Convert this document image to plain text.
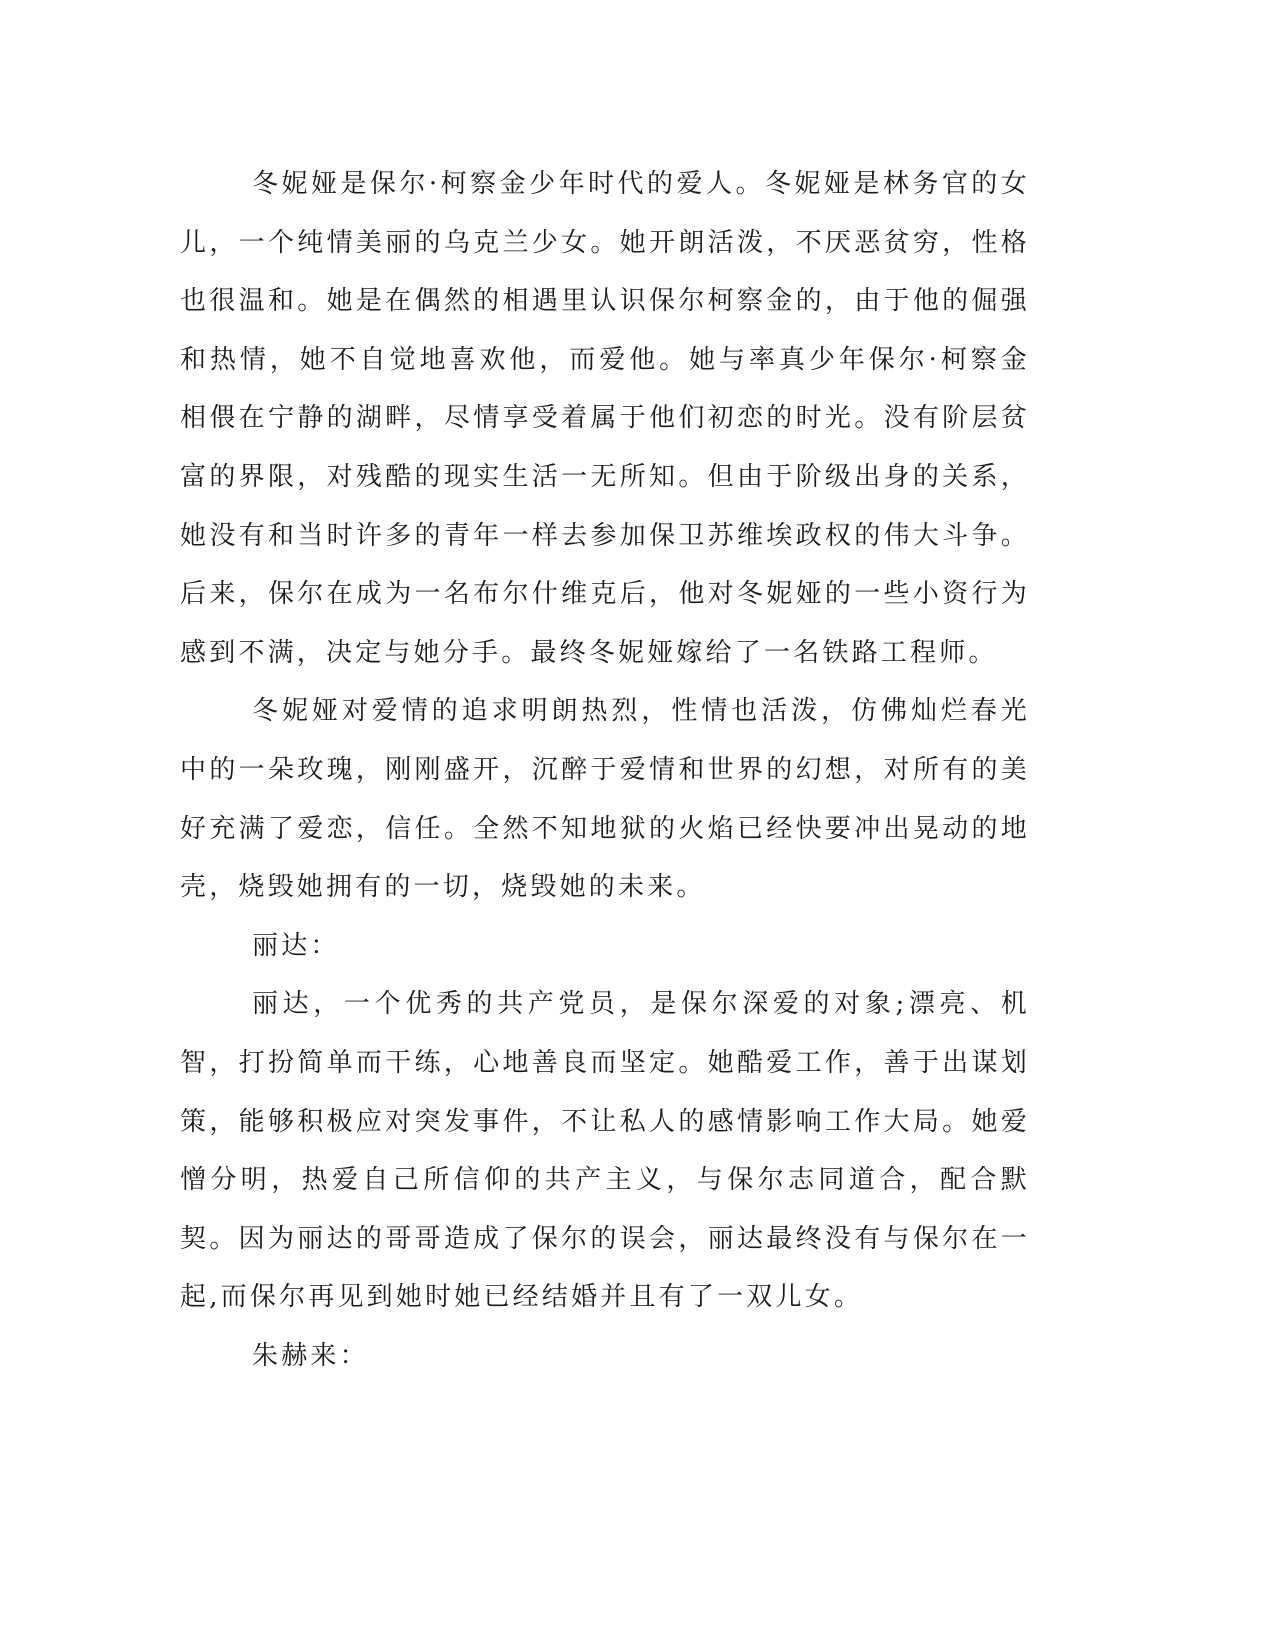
冬妮娅是保尔·柯察金少年时代的爱人。冬妮娅是林务官的女儿，一个纯情美丽的乌克兰少女。她开朗活泼，不厌恶贫穷，性格也很温和。她是在偶然的相遇里认识保尔柯察金的，由于他的倔强和热情，她不自觉地喜欢他，而爱他。她与率真少年保尔·柯察金相偎在宁静的湖畔，尽情享受着属于他们初恋的时光。没有阶层贫富的界限，对残酷的现实生活一无所知。但由于阶级出身的关系，她没有和当时许多的青年一样去参加保卫苏维埃政权的伟大斗争。后来，保尔在成为一名布尔什维克后，他对冬妮娅的一些小资行为感到不满，决定与她分手。最终冬妮娅嫁给了一名铁路工程师。

冬妮娅对爱情的追求明朗热烈，性情也活泼，仿佛灿烂春光中的一朵玫瑰，刚刚盛开，沉醉于爱情和世界的幻想，对所有的美好充满了爱恋，信任。全然不知地狱的火焰已经快要冲出晃动的地壳，烧毁她拥有的一切，烧毁她的未来。

丽达：

丽达，一个优秀的共产党员，是保尔深爱的对象;漂亮、机智，打扮简单而干练，心地善良而坚定。她酷爱工作，善于出谋划策，能够积极应对突发事件，不让私人的感情影响工作大局。她爱憎分明，热爱自己所信仰的共产主义，与保尔志同道合，配合默契。因为丽达的哥哥造成了保尔的误会，丽达最终没有与保尔在一起,而保尔再见到她时她已经结婚并且有了一双儿女。

朱赫来：
